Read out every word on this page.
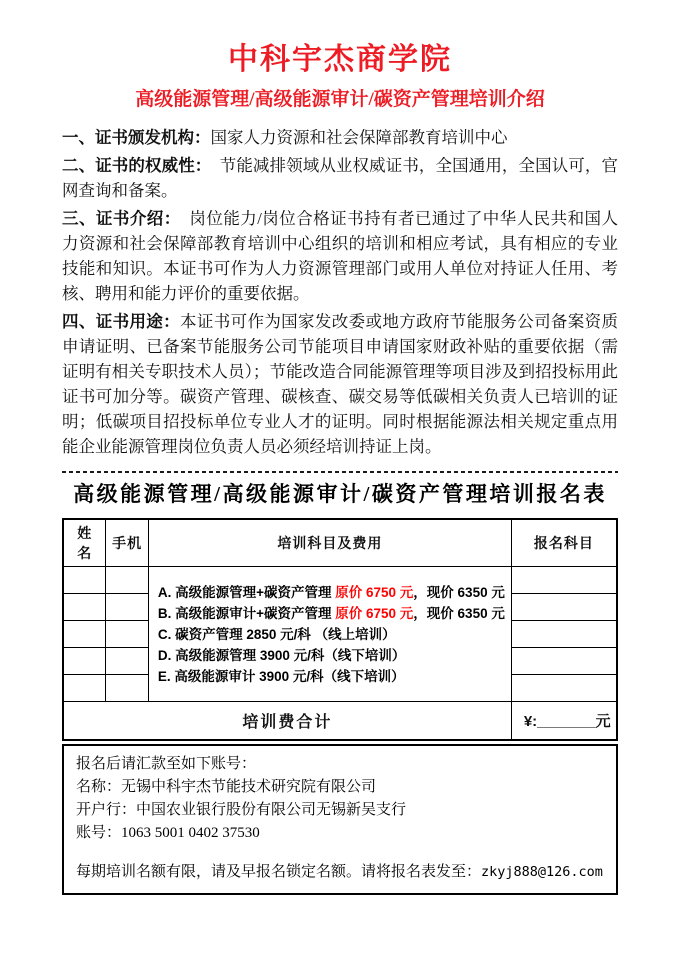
中科宇杰商学院
高级能源管理/高级能源审计/碳资产管理培训介绍

一、证书颁发机构：国家人力资源和社会保障部教育培训中心

二、证书的权威性：　节能减排领域从业权威证书，全国通用，全国认可，官网查询和备案。

三、证书介绍：　岗位能力/岗位合格证书持有者已通过了中华人民共和国人力资源和社会保障部教育培训中心组织的培训和相应考试，具有相应的专业技能和知识。本证书可作为人力资源管理部门或用人单位对持证人任用、考核、聘用和能力评价的重要依据。

四、证书用途：本证书可作为国家发改委或地方政府节能服务公司备案资质申请证明、已备案节能服务公司节能项目申请国家财政补贴的重要依据（需证明有相关专职技术人员）；节能改造合同能源管理等项目涉及到招投标用此证书可加分等。碳资产管理、碳核查、碳交易等低碳相关负责人已培训的证明；低碳项目招投标单位专业人才的证明。同时根据能源法相关规定重点用能企业能源管理岗位负责人员必须经培训持证上岗。

高级能源管理/高级能源审计/碳资产管理培训报名表
姓　名	手机	培训科目及费用	报名科目

		A. 高级能源管理+碳资产管理 原价 6750 元，现价 6350 元
B. 高级能源审计+碳资产管理 原价 6750 元，现价 6350 元
C. 碳资产管理 2850 元/科 （线上培训）
D. 高级能源管理 3900 元/科（线下培训）
E. 高级能源审计 3900 元/科（线下培训）	

培训费合计			¥:_______元
报名后请汇款至如下账号：
名称：无锡中科宇杰节能技术研究院有限公司
开户行：中国农业银行股份有限公司无锡新吴支行
账号：1063 5001 0402 37530
每期培训名额有限，请及早报名锁定名额。请将报名表发至：zkyj888@126.com
